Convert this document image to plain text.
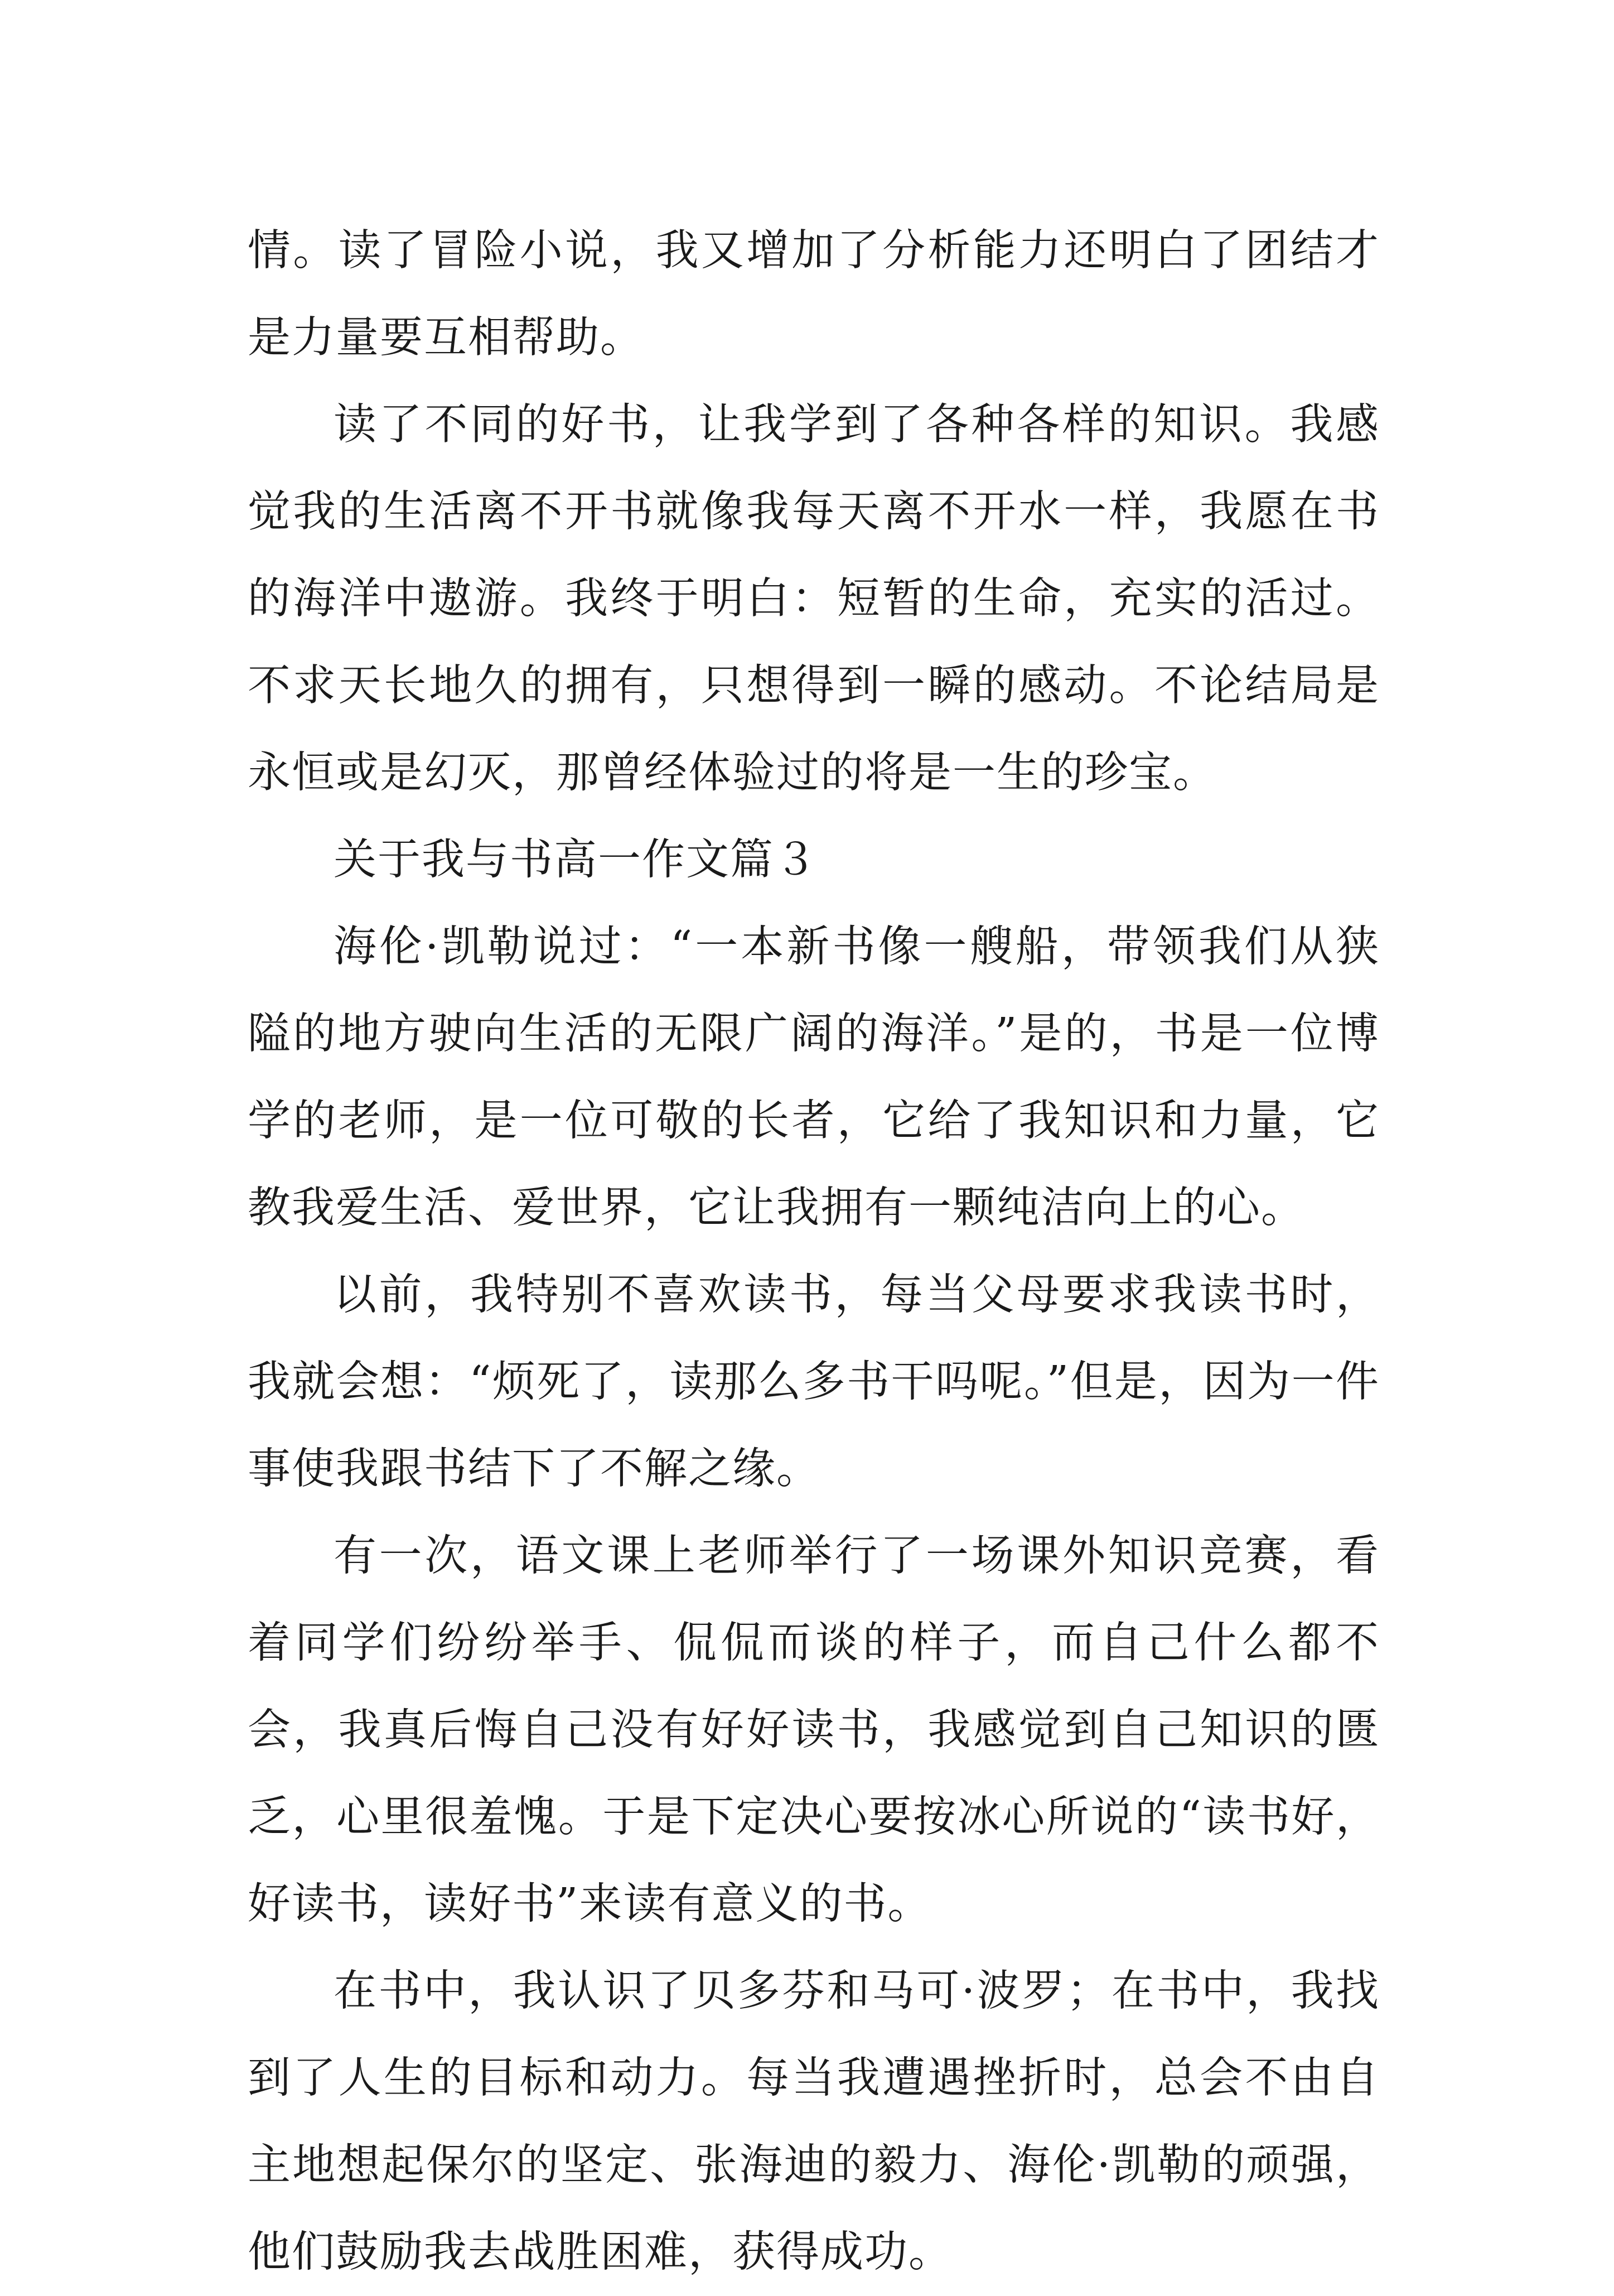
情。读了冒险小说，我又增加了分析能力还明白了团结才是力量要互相帮助。

读了不同的好书，让我学到了各种各样的知识。我感觉我的生活离不开书就像我每天离不开水一样，我愿在书的海洋中遨游。我终于明白：短暂的生命，充实的活过。不求天长地久的拥有，只想得到一瞬的感动。不论结局是永恒或是幻灭，那曾经体验过的将是一生的珍宝。

关于我与书高一作文篇３

海伦·凯勒说过：“一本新书像一艘船，带领我们从狭隘的地方驶向生活的无限广阔的海洋。”是的，书是一位博学的老师，是一位可敬的长者，它给了我知识和力量，它教我爱生活、爱世界，它让我拥有一颗纯洁向上的心。

以前，我特别不喜欢读书，每当父母要求我读书时，我就会想：“烦死了，读那么多书干吗呢。”但是，因为一件事使我跟书结下了不解之缘。

有一次，语文课上老师举行了一场课外知识竞赛，看着同学们纷纷举手、侃侃而谈的样子，而自己什么都不会，我真后悔自己没有好好读书，我感觉到自己知识的匮乏，心里很羞愧。于是下定决心要按冰心所说的“读书好，好读书，读好书”来读有意义的书。

在书中，我认识了贝多芬和马可·波罗；在书中，我找到了人生的目标和动力。每当我遭遇挫折时，总会不由自主地想起保尔的坚定、张海迪的毅力、海伦·凯勒的顽强，他们鼓励我去战胜困难，获得成功。
